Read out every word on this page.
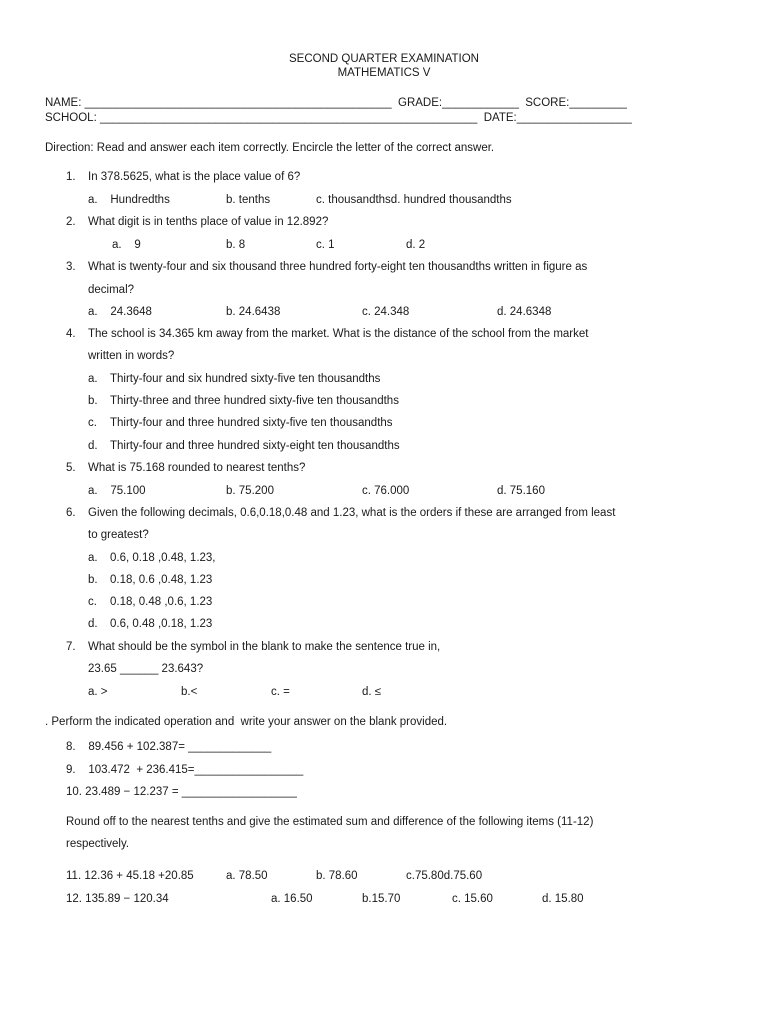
SECOND QUARTER EXAMINATION
MATHEMATICS V
NAME: ________________________________________________  GRADE:____________  SCORE:_________
SCHOOL: ___________________________________________________________  DATE:__________________
Direction: Read and answer each item correctly. Encircle the letter of the correct answer.
1. In 378.5625, what is the place value of 6?
a.    Hundredths	b. tenths	c. thousandthsd. hundred thousandths
2. What digit is in tenths place of value in 12.892?
a.    9	b. 8	c. 1	d. 2
3. What is twenty-four and six thousand three hundred forty-eight ten thousandths written in figure as
decimal?
a.    24.3648	b. 24.6438	c. 24.348	d. 24.6348
4. The school is 34.365 km away from the market. What is the distance of the school from the market
written in words?
a. Thirty-four and six hundred sixty-five ten thousandths
b. Thirty-three and three hundred sixty-five ten thousandths
c. Thirty-four and three hundred sixty-five ten thousandths
d. Thirty-four and three hundred sixty-eight ten thousandths
5. What is 75.168 rounded to nearest tenths?
a.    75.100	b. 75.200	c. 76.000	d. 75.160
6. Given the following decimals, 0.6,0.18,0.48 and 1.23, what is the orders if these are arranged from least
to greatest?
a. 0.6, 0.18 ,0.48, 1.23,
b. 0.18, 0.6 ,0.48, 1.23
c. 0.18, 0.48 ,0.6, 1.23
d. 0.6, 0.48 ,0.18, 1.23
7. What should be the symbol in the blank to make the sentence true in,
23.65 ______ 23.643?
a. >	b.<	c. =	d. ≤
. Perform the indicated operation and  write your answer on the blank provided.
8.    89.456 + 102.387= _____________
9.    103.472  + 236.415=_________________
10. 23.489 − 12.237 = __________________
Round off to the nearest tenths and give the estimated sum and difference of the following items (11-12)
respectively.
11. 12.36 + 45.18 +20.85	a. 78.50	b. 78.60	c.75.80d.75.60
12. 135.89 − 120.34	a. 16.50	b.15.70	c. 15.60	d. 15.80
